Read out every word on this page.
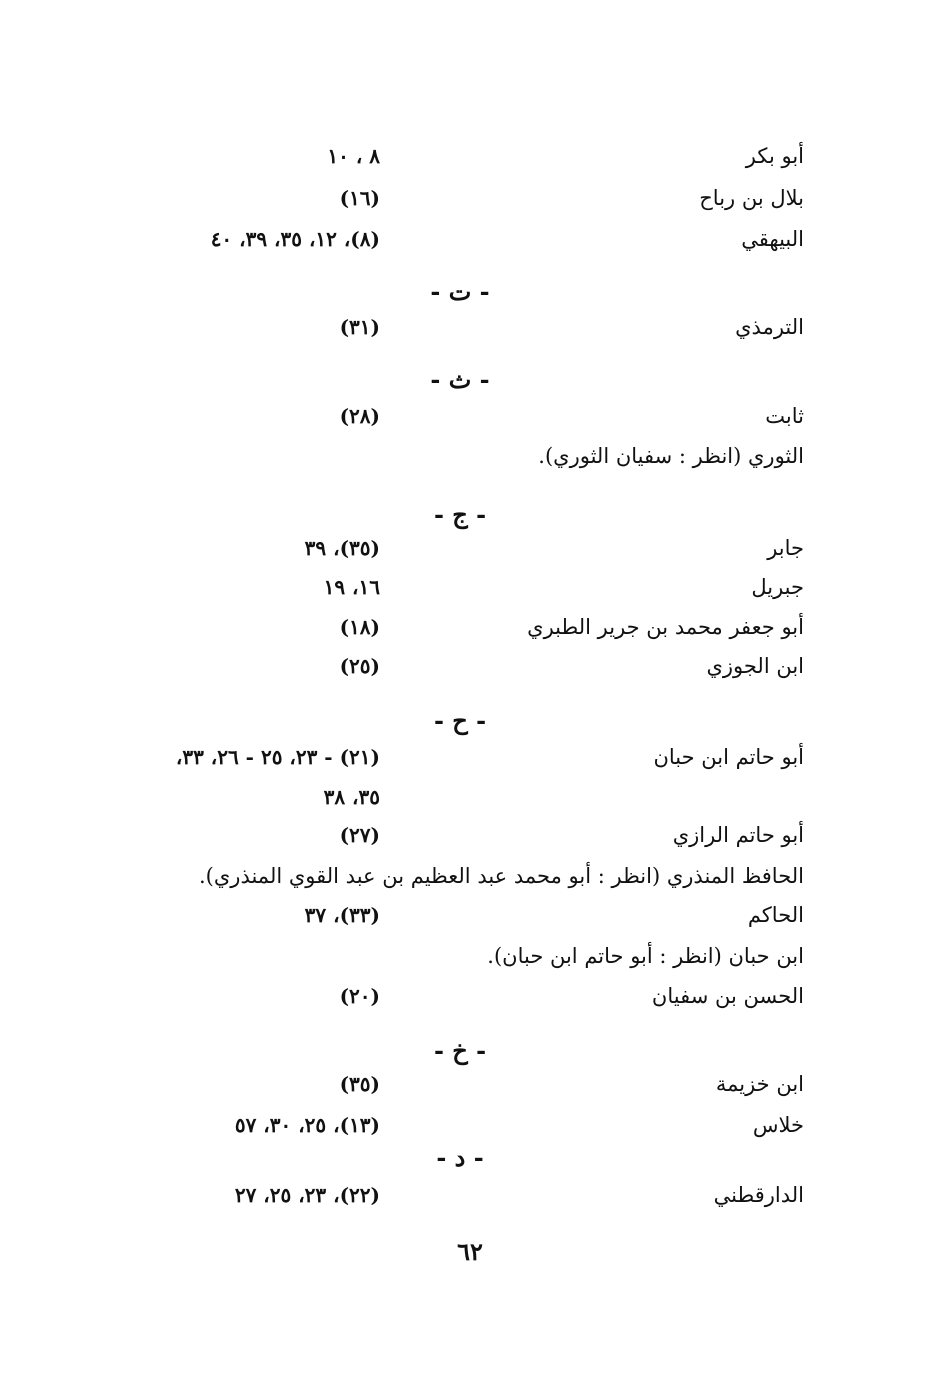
أبو بكر
٨ ، ١٠
بلال بن رباح
(١٦)
البيهقي
(٨)، ١٢، ٣٥، ٣٩، ٤٠
- ت -
الترمذي
(٣١)
- ث -
ثابت
(٢٨)
الثوري (انظر : سفيان الثوري).
- ج -
جابر
(٣٥)، ٣٩
جبريل
١٦، ١٩
أبو جعفر محمد بن جرير الطبري
(١٨)
ابن الجوزي
(٢٥)
- ح -
أبو حاتم ابن حبان
(٢١) - ٢٣، ٢٥ - ٢٦، ٣٣،
٣٥، ٣٨
أبو حاتم الرازي
(٢٧)
الحافظ المنذري (انظر : أبو محمد عبد العظيم بن عبد القوي المنذري).
الحاكم
(٣٣)، ٣٧
ابن حبان (انظر : أبو حاتم ابن حبان).
الحسن بن سفيان
(٢٠)
- خ -
ابن خزيمة
(٣٥)
خلاس
(١٣)، ٢٥، ٣٠، ٥٧
- د -
الدارقطني
(٢٢)، ٢٣، ٢٥، ٢٧
٦٢
